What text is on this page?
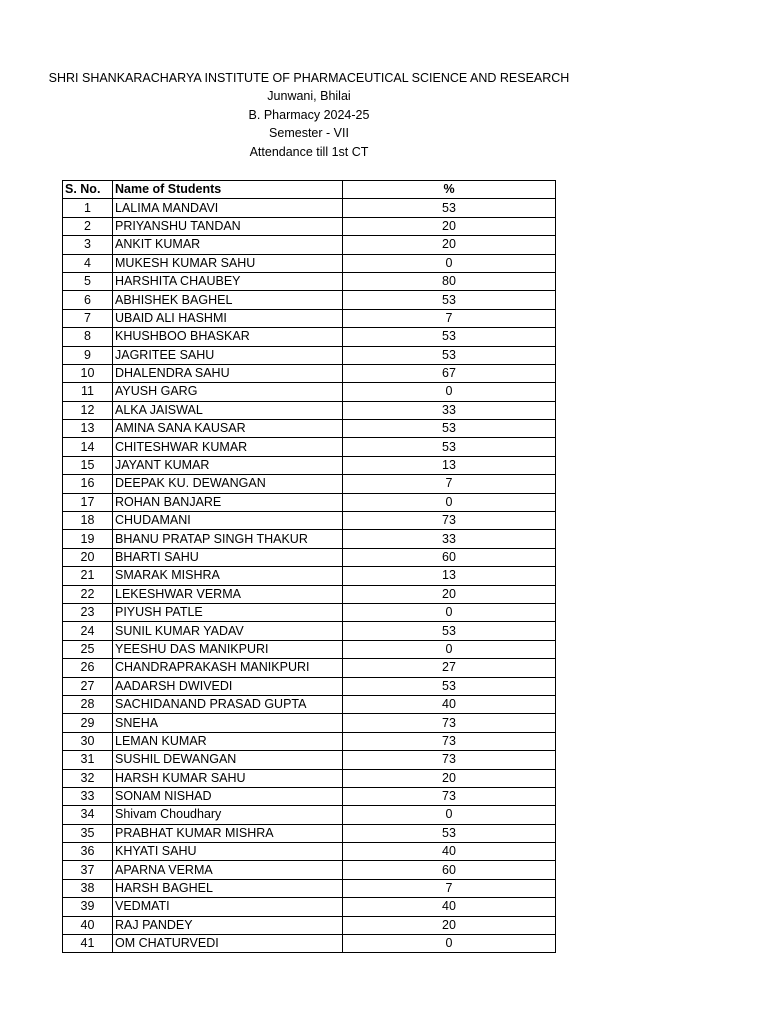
SHRI SHANKARACHARYA INSTITUTE OF PHARMACEUTICAL SCIENCE AND RESEARCH
Junwani, Bhilai
B. Pharmacy 2024-25
Semester - VII
Attendance till 1st CT
S. No.	Name of Students	%
1	LALIMA MANDAVI	53
2	PRIYANSHU TANDAN	20
3	ANKIT KUMAR	20
4	MUKESH KUMAR SAHU	0
5	HARSHITA CHAUBEY	80
6	ABHISHEK BAGHEL	53
7	UBAID ALI HASHMI	7
8	KHUSHBOO BHASKAR	53
9	JAGRITEE SAHU	53
10	DHALENDRA SAHU	67
11	AYUSH GARG	0
12	ALKA JAISWAL	33
13	AMINA SANA KAUSAR	53
14	CHITESHWAR KUMAR	53
15	JAYANT KUMAR	13
16	DEEPAK KU. DEWANGAN	7
17	ROHAN BANJARE	0
18	CHUDAMANI	73
19	BHANU PRATAP SINGH THAKUR	33
20	BHARTI SAHU	60
21	SMARAK MISHRA	13
22	LEKESHWAR VERMA	20
23	PIYUSH PATLE	0
24	SUNIL KUMAR YADAV	53
25	YEESHU DAS MANIKPURI	0
26	CHANDRAPRAKASH MANIKPURI	27
27	AADARSH DWIVEDI	53
28	SACHIDANAND PRASAD GUPTA	40
29	SNEHA	73
30	LEMAN KUMAR	73
31	SUSHIL DEWANGAN	73
32	HARSH KUMAR SAHU	20
33	SONAM NISHAD	73
34	Shivam Choudhary	0
35	PRABHAT KUMAR MISHRA	53
36	KHYATI SAHU	40
37	APARNA VERMA	60
38	HARSH BAGHEL	7
39	VEDMATI	40
40	RAJ PANDEY	20
41	OM CHATURVEDI	0
